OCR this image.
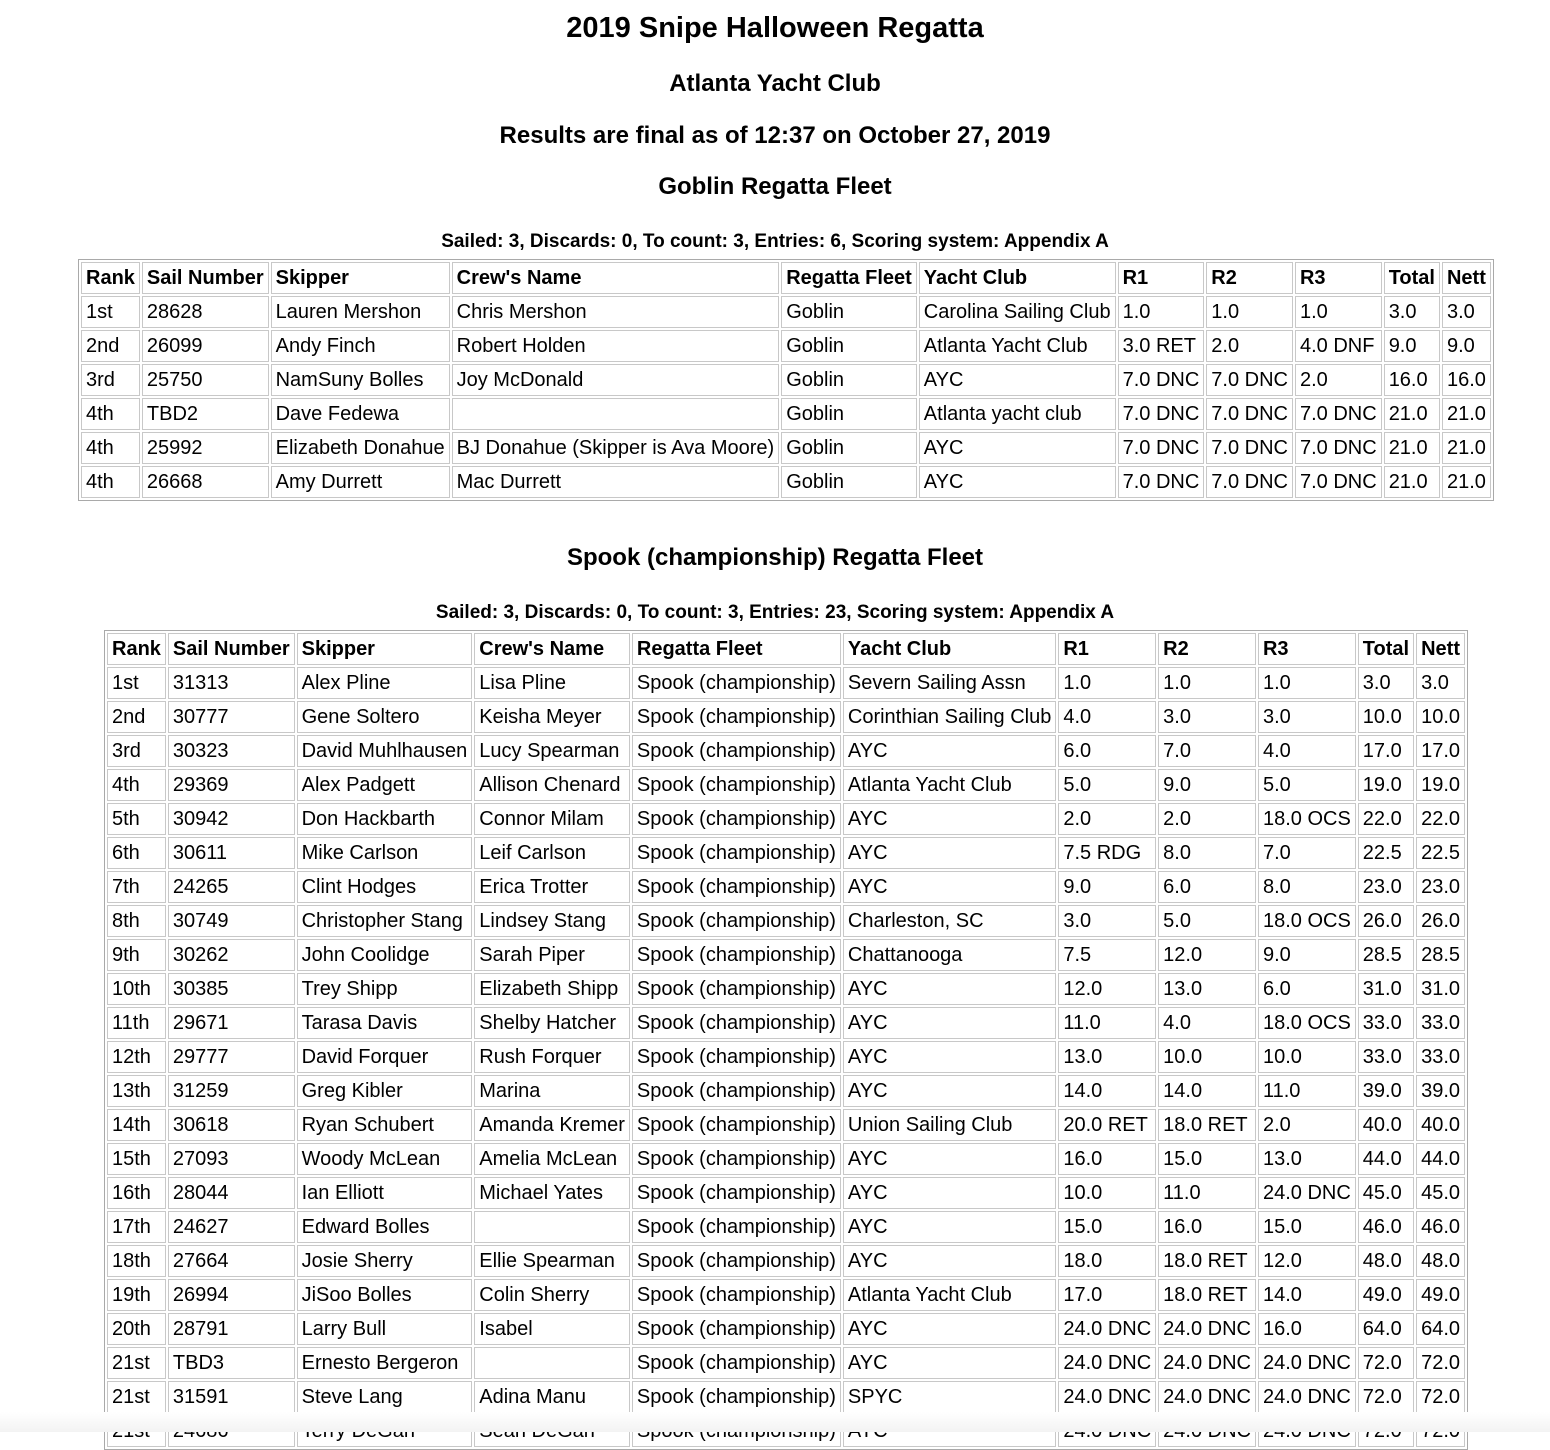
2019 Snipe Halloween Regatta
Atlanta Yacht Club
Results are final as of 12:37 on October 27, 2019
Goblin Regatta Fleet

Sailed: 3, Discards: 0, To count: 3, Entries: 6, Scoring system: Appendix A

Rank	Sail Number	Skipper	Crew's Name	Regatta Fleet	Yacht Club	R1	R2	R3	Total	Nett
1st	28628	Lauren Mershon	Chris Mershon	Goblin	Carolina Sailing Club	1.0	1.0	1.0	3.0	3.0
2nd	26099	Andy Finch	Robert Holden	Goblin	Atlanta Yacht Club	3.0 RET	2.0	4.0 DNF	9.0	9.0
3rd	25750	NamSuny Bolles	Joy McDonald	Goblin	AYC	7.0 DNC	7.0 DNC	2.0	16.0	16.0
4th	TBD2	Dave Fedewa		Goblin	Atlanta yacht club	7.0 DNC	7.0 DNC	7.0 DNC	21.0	21.0
4th	25992	Elizabeth Donahue	BJ Donahue (Skipper is Ava Moore)	Goblin	AYC	7.0 DNC	7.0 DNC	7.0 DNC	21.0	21.0
4th	26668	Amy Durrett	Mac Durrett	Goblin	AYC	7.0 DNC	7.0 DNC	7.0 DNC	21.0	21.0
Spook (championship) Regatta Fleet

Sailed: 3, Discards: 0, To count: 3, Entries: 23, Scoring system: Appendix A

Rank	Sail Number	Skipper	Crew's Name	Regatta Fleet	Yacht Club	R1	R2	R3	Total	Nett
1st	31313	Alex Pline	Lisa Pline	Spook (championship)	Severn Sailing Assn	1.0	1.0	1.0	3.0	3.0
2nd	30777	Gene Soltero	Keisha Meyer	Spook (championship)	Corinthian Sailing Club	4.0	3.0	3.0	10.0	10.0
3rd	30323	David Muhlhausen	Lucy Spearman	Spook (championship)	AYC	6.0	7.0	4.0	17.0	17.0
4th	29369	Alex Padgett	Allison Chenard	Spook (championship)	Atlanta Yacht Club	5.0	9.0	5.0	19.0	19.0
5th	30942	Don Hackbarth	Connor Milam	Spook (championship)	AYC	2.0	2.0	18.0 OCS	22.0	22.0
6th	30611	Mike Carlson	Leif Carlson	Spook (championship)	AYC	7.5 RDG	8.0	7.0	22.5	22.5
7th	24265	Clint Hodges	Erica Trotter	Spook (championship)	AYC	9.0	6.0	8.0	23.0	23.0
8th	30749	Christopher Stang	Lindsey Stang	Spook (championship)	Charleston, SC	3.0	5.0	18.0 OCS	26.0	26.0
9th	30262	John Coolidge	Sarah Piper	Spook (championship)	Chattanooga	7.5	12.0	9.0	28.5	28.5
10th	30385	Trey Shipp	Elizabeth Shipp	Spook (championship)	AYC	12.0	13.0	6.0	31.0	31.0
11th	29671	Tarasa Davis	Shelby Hatcher	Spook (championship)	AYC	11.0	4.0	18.0 OCS	33.0	33.0
12th	29777	David Forquer	Rush Forquer	Spook (championship)	AYC	13.0	10.0	10.0	33.0	33.0
13th	31259	Greg Kibler	Marina	Spook (championship)	AYC	14.0	14.0	11.0	39.0	39.0
14th	30618	Ryan Schubert	Amanda Kremer	Spook (championship)	Union Sailing Club	20.0 RET	18.0 RET	2.0	40.0	40.0
15th	27093	Woody McLean	Amelia McLean	Spook (championship)	AYC	16.0	15.0	13.0	44.0	44.0
16th	28044	Ian Elliott	Michael Yates	Spook (championship)	AYC	10.0	11.0	24.0 DNC	45.0	45.0
17th	24627	Edward Bolles		Spook (championship)	AYC	15.0	16.0	15.0	46.0	46.0
18th	27664	Josie Sherry	Ellie Spearman	Spook (championship)	AYC	18.0	18.0 RET	12.0	48.0	48.0
19th	26994	JiSoo Bolles	Colin Sherry	Spook (championship)	Atlanta Yacht Club	17.0	18.0 RET	14.0	49.0	49.0
20th	28791	Larry Bull	Isabel	Spook (championship)	AYC	24.0 DNC	24.0 DNC	16.0	64.0	64.0
21st	TBD3	Ernesto Bergeron		Spook (championship)	AYC	24.0 DNC	24.0 DNC	24.0 DNC	72.0	72.0
21st	31591	Steve Lang	Adina Manu	Spook (championship)	SPYC	24.0 DNC	24.0 DNC	24.0 DNC	72.0	72.0
